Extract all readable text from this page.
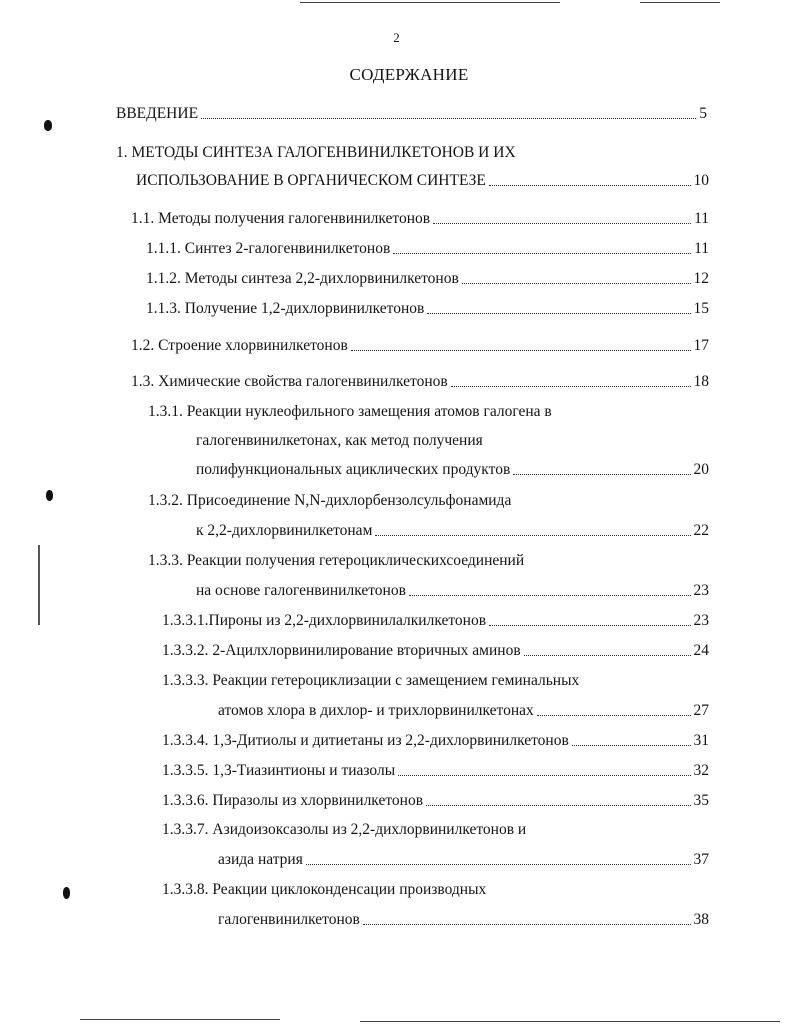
2
СОДЕРЖАНИЕ
ВВЕДЕНИЕ	5
1. МЕТОДЫ СИНТЕЗА ГАЛОГЕНВИНИЛКЕТОНОВ И ИХ
ИСПОЛЬЗОВАНИЕ В ОРГАНИЧЕСКОМ СИНТЕЗЕ	10
1.1. Методы получения галогенвинилкетонов	11
1.1.1. Синтез 2-галогенвинилкетонов	11
1.1.2. Методы синтеза 2,2-дихлорвинилкетонов	12
1.1.3. Получение 1,2-дихлорвинилкетонов	15
1.2. Строение хлорвинилкетонов	17
1.3. Химические свойства галогенвинилкетонов	18
1.3.1. Реакции нуклеофильного замещения атомов галогена в
галогенвинилкетонах, как метод получения
полифункциональных ациклических продуктов	20
1.3.2. Присоединение N,N-дихлорбензолсульфонамида
к 2,2-дихлорвинилкетонам	22
1.3.3. Реакции получения гетероциклическихсоединений
на основе галогенвинилкетонов	23
1.3.3.1.Пироны из 2,2-дихлорвинилалкилкетонов	23
1.3.3.2. 2-Ацилхлорвинилирование вторичных аминов	24
1.3.3.3. Реакции гетероциклизации с замещением геминальных
атомов хлора в дихлор- и трихлорвинилкетонах	27
1.3.3.4. 1,3-Дитиолы и дитиетаны из 2,2-дихлорвинилкетонов	31
1.3.3.5. 1,3-Тиазинтионы и тиазолы	32
1.3.3.6. Пиразолы из хлорвинилкетонов	35
1.3.3.7. Азидоизоксазолы из 2,2-дихлорвинилкетонов и
азида натрия	37
1.3.3.8. Реакции циклоконденсации производных
галогенвинилкетонов	38
